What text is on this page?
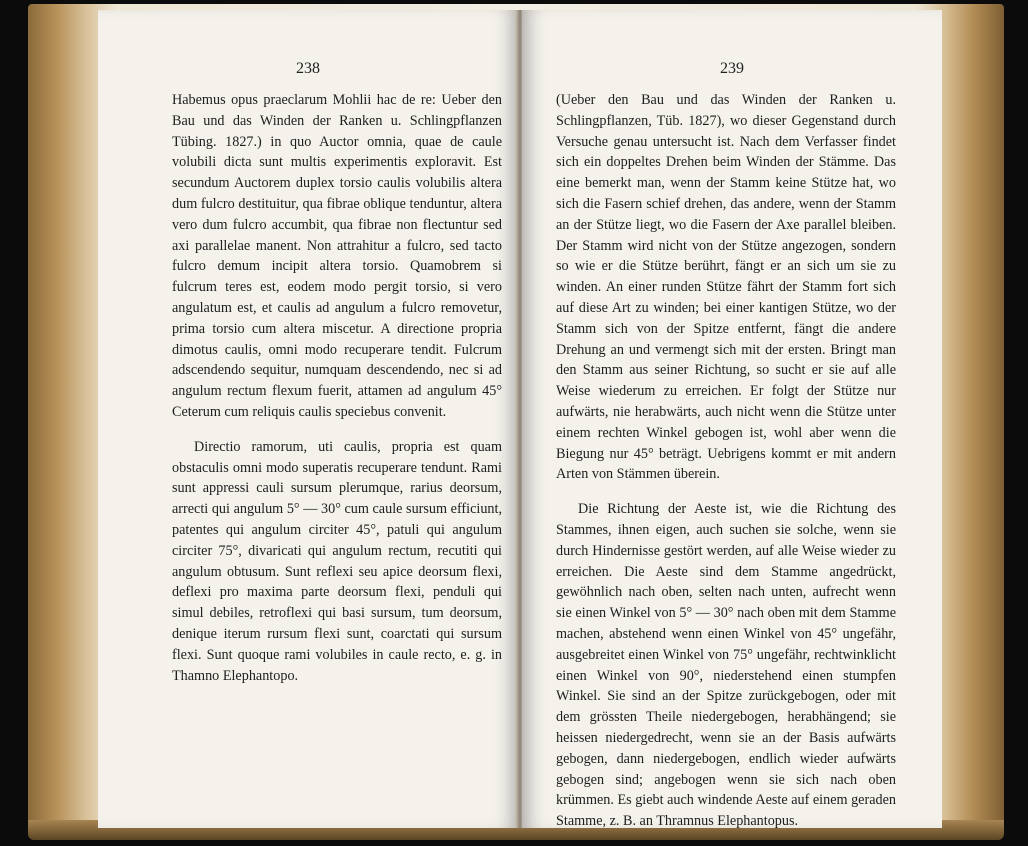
238

Habemus opus praeclarum Mohlii hac de re: Ueber den Bau und das Winden der Ranken u. Schlingpflanzen Tübing. 1827.) in quo Auctor omnia, quae de caule volubili dicta sunt multis experimentis exploravit. Est secundum Auctorem duplex torsio caulis volubilis altera dum fulcro destituitur, qua fibrae oblique tenduntur, altera vero dum fulcro accumbit, qua fibrae non flectuntur sed axi parallelae manent. Non attrahitur a fulcro, sed tacto fulcro demum incipit altera torsio. Quamobrem si fulcrum teres est, eodem modo pergit torsio, si vero angulatum est, et caulis ad angulum a fulcro removetur, prima torsio cum altera miscetur. A directione propria dimotus caulis, omni modo recuperare tendit. Fulcrum adscendendo sequitur, numquam descendendo, nec si ad angulum rectum flexum fuerit, attamen ad angulum 45° Ceterum cum reliquis caulis speciebus convenit.

Directio ramorum, uti caulis, propria est quam obstaculis omni modo superatis recuperare tendunt. Rami sunt appressi cauli sursum plerumque, rarius deorsum, arrecti qui angulum 5° — 30° cum caule sursum efficiunt, patentes qui angulum circiter 45°, patuli qui angulum circiter 75°, divaricati qui angulum rectum, recutiti qui angulum obtusum. Sunt reflexi seu apice deorsum flexi, deflexi pro maxima parte deorsum flexi, penduli qui simul debiles, retroflexi qui basi sursum, tum deorsum, denique iterum rursum flexi sunt, coarctati qui sursum flexi. Sunt quoque rami volubiles in caule recto, e. g. in Thamno Elephantopo.

239

(Ueber den Bau und das Winden der Ranken u. Schlingpflanzen, Tüb. 1827), wo dieser Gegenstand durch Versuche genau untersucht ist. Nach dem Verfasser findet sich ein doppeltes Drehen beim Winden der Stämme. Das eine bemerkt man, wenn der Stamm keine Stütze hat, wo sich die Fasern schief drehen, das andere, wenn der Stamm an der Stütze liegt, wo die Fasern der Axe parallel bleiben. Der Stamm wird nicht von der Stütze angezogen, sondern so wie er die Stütze berührt, fängt er an sich um sie zu winden. An einer runden Stütze fährt der Stamm fort sich auf diese Art zu winden; bei einer kantigen Stütze, wo der Stamm sich von der Spitze entfernt, fängt die andere Drehung an und vermengt sich mit der ersten. Bringt man den Stamm aus seiner Richtung, so sucht er sie auf alle Weise wiederum zu erreichen. Er folgt der Stütze nur aufwärts, nie herabwärts, auch nicht wenn die Stütze unter einem rechten Winkel gebogen ist, wohl aber wenn die Biegung nur 45° beträgt. Uebrigens kommt er mit andern Arten von Stämmen überein.

Die Richtung der Aeste ist, wie die Richtung des Stammes, ihnen eigen, auch suchen sie solche, wenn sie durch Hindernisse gestört werden, auf alle Weise wieder zu erreichen. Die Aeste sind dem Stamme angedrückt, gewöhnlich nach oben, selten nach unten, aufrecht wenn sie einen Winkel von 5° — 30° nach oben mit dem Stamme machen, abstehend wenn einen Winkel von 45° ungefähr, ausgebreitet einen Winkel von 75° ungefähr, rechtwinklicht einen Winkel von 90°, niederstehend einen stumpfen Winkel. Sie sind an der Spitze zurückgebogen, oder mit dem grössten Theile niedergebogen, herabhängend; sie heissen niedergedrecht, wenn sie an der Basis aufwärts gebogen, dann niedergebogen, endlich wieder aufwärts gebogen sind; angebogen wenn sie sich nach oben krümmen. Es giebt auch windende Aeste auf einem geraden Stamme, z. B. an Thramnus Elephantopus.
